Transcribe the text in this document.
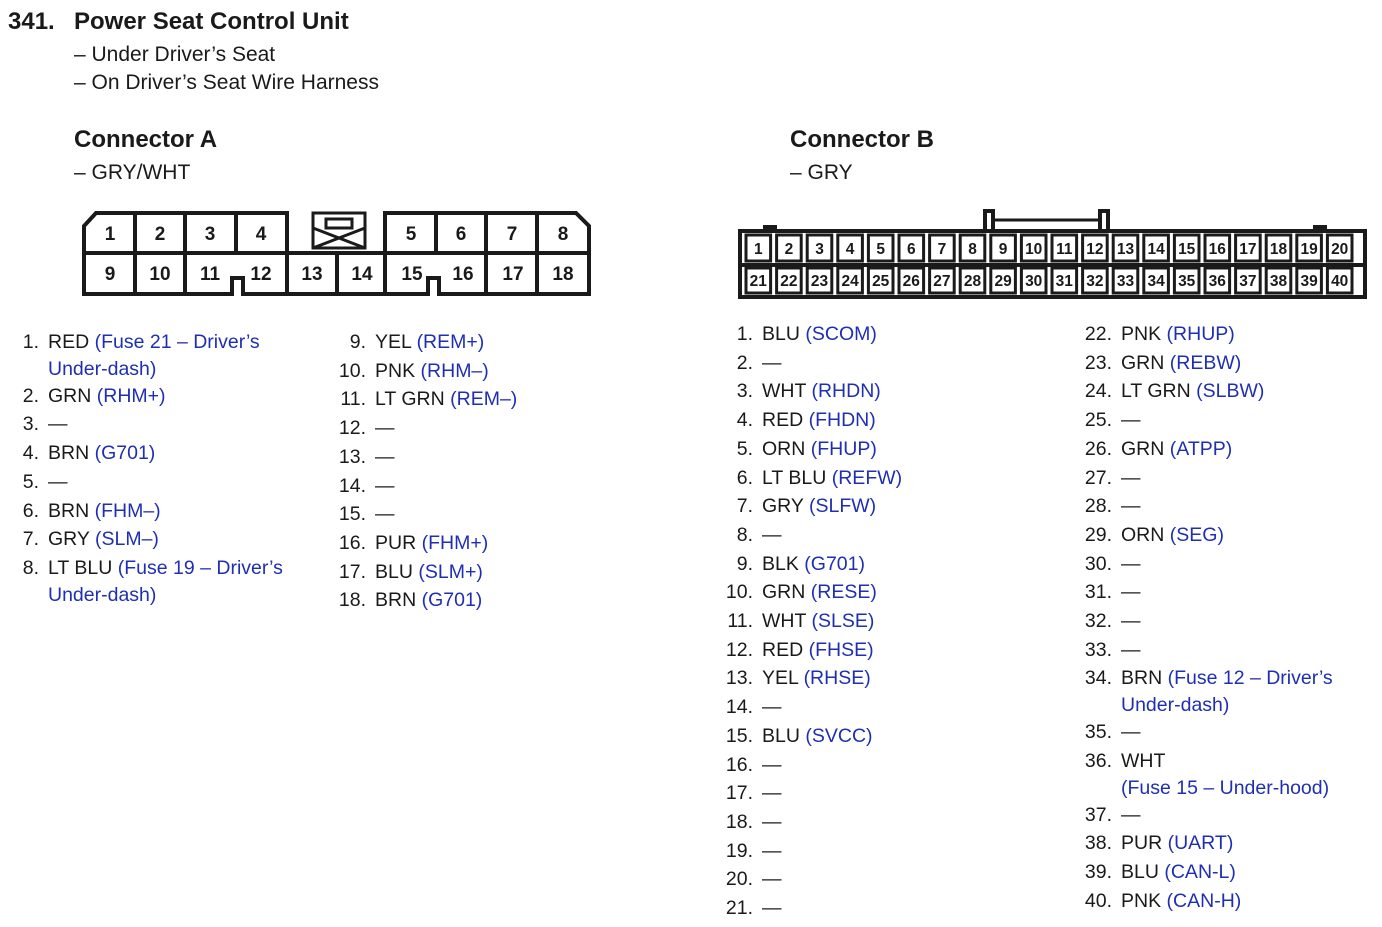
341. Power Seat Control Unit
– Under Driver’s Seat
– On Driver’s Seat Wire Harness
Connector A
– GRY/WHT
Connector B
– GRY
1 2 3 4	5 6 7 8
9 10 11 12 13 14 15 16 17 18
1 2 3 4 5 6 7 8 9 10 11 12 13 14 15 16 17 18 19 20
21 22 23 24 25 26 27 28 29 30 31 32 33 34 35 36 37 38 39 40
1. RED (Fuse 21 – Driver’s
Under-dash)
2. GRN (RHM+)
3. —
4. BRN (G701)
5. —
6. BRN (FHM–)
7. GRY (SLM–)
8. LT BLU (Fuse 19 – Driver’s
Under-dash)
9. YEL (REM+)
10. PNK (RHM–)
11. LT GRN (REM–)
12. —
13. —
14. —
15. —
16. PUR (FHM+)
17. BLU (SLM+)
18. BRN (G701)
1. BLU (SCOM)
2. —
3. WHT (RHDN)
4. RED (FHDN)
5. ORN (FHUP)
6. LT BLU (REFW)
7. GRY (SLFW)
8. —
9. BLK (G701)
10. GRN (RESE)
11. WHT (SLSE)
12. RED (FHSE)
13. YEL (RHSE)
14. —
15. BLU (SVCC)
16. —
17. —
18. —
19. —
20. —
21. —
22. PNK (RHUP)
23. GRN (REBW)
24. LT GRN (SLBW)
25. —
26. GRN (ATPP)
27. —
28. —
29. ORN (SEG)
30. —
31. —
32. —
33. —
34. BRN (Fuse 12 – Driver’s
Under-dash)
35. —
36. WHT
(Fuse 15 – Under-hood)
37. —
38. PUR (UART)
39. BLU (CAN-L)
40. PNK (CAN-H)
